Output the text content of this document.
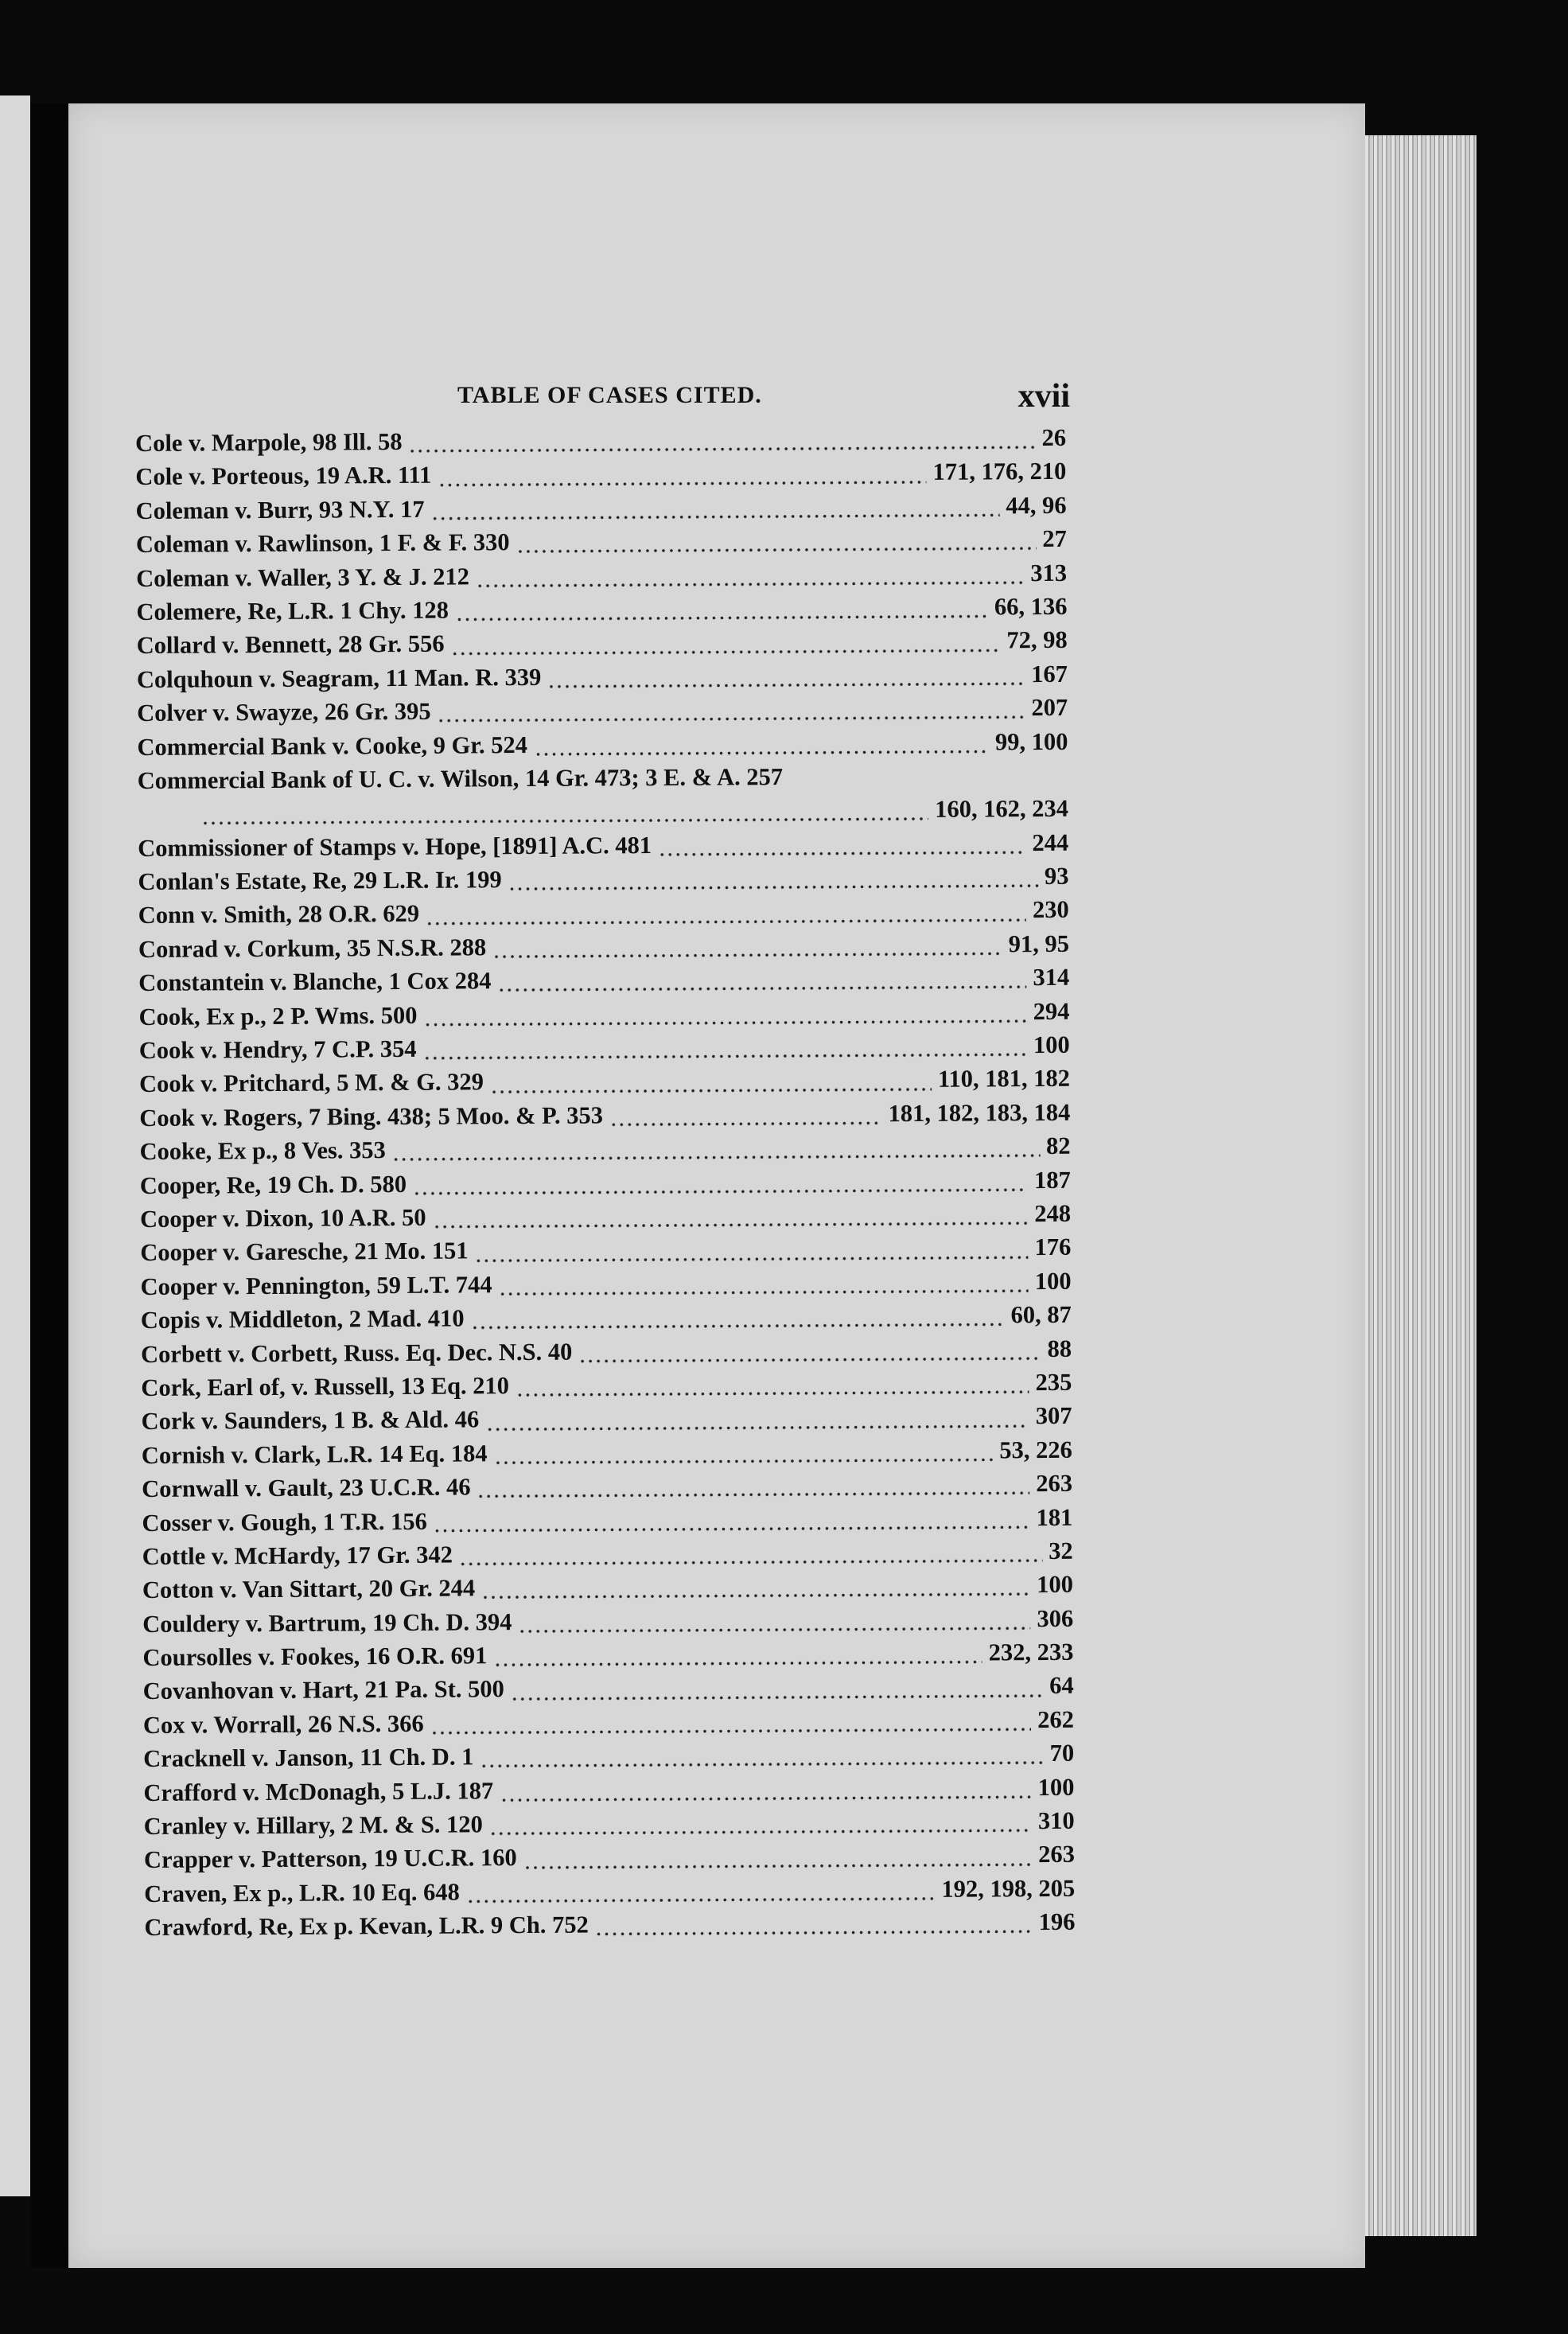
TABLE OF CASES CITED.	xvii
Cole v. Marpole, 98 Ill. 58	26
Cole v. Porteous, 19 A.R. 111	171, 176, 210
Coleman v. Burr, 93 N.Y. 17	44, 96
Coleman v. Rawlinson, 1 F. & F. 330	27
Coleman v. Waller, 3 Y. & J. 212	313
Colemere, Re, L.R. 1 Chy. 128	66, 136
Collard v. Bennett, 28 Gr. 556	72, 98
Colquhoun v. Seagram, 11 Man. R. 339	167
Colver v. Swayze, 26 Gr. 395	207
Commercial Bank v. Cooke, 9 Gr. 524	99, 100
Commercial Bank of U. C. v. Wilson, 14 Gr. 473; 3 E. & A. 257
160, 162, 234
Commissioner of Stamps v. Hope, [1891] A.C. 481	244
Conlan's Estate, Re, 29 L.R. Ir. 199	93
Conn v. Smith, 28 O.R. 629	230
Conrad v. Corkum, 35 N.S.R. 288	91, 95
Constantein v. Blanche, 1 Cox 284	314
Cook, Ex p., 2 P. Wms. 500	294
Cook v. Hendry, 7 C.P. 354	100
Cook v. Pritchard, 5 M. & G. 329	110, 181, 182
Cook v. Rogers, 7 Bing. 438; 5 Moo. & P. 353	181, 182, 183, 184
Cooke, Ex p., 8 Ves. 353	82
Cooper, Re, 19 Ch. D. 580	187
Cooper v. Dixon, 10 A.R. 50	248
Cooper v. Garesche, 21 Mo. 151	176
Cooper v. Pennington, 59 L.T. 744	100
Copis v. Middleton, 2 Mad. 410	60, 87
Corbett v. Corbett, Russ. Eq. Dec. N.S. 40	88
Cork, Earl of, v. Russell, 13 Eq. 210	235
Cork v. Saunders, 1 B. & Ald. 46	307
Cornish v. Clark, L.R. 14 Eq. 184	53, 226
Cornwall v. Gault, 23 U.C.R. 46	263
Cosser v. Gough, 1 T.R. 156	181
Cottle v. McHardy, 17 Gr. 342	32
Cotton v. Van Sittart, 20 Gr. 244	100
Couldery v. Bartrum, 19 Ch. D. 394	306
Coursolles v. Fookes, 16 O.R. 691	232, 233
Covanhovan v. Hart, 21 Pa. St. 500	64
Cox v. Worrall, 26 N.S. 366	262
Cracknell v. Janson, 11 Ch. D. 1	70
Crafford v. McDonagh, 5 L.J. 187	100
Cranley v. Hillary, 2 M. & S. 120	310
Crapper v. Patterson, 19 U.C.R. 160	263
Craven, Ex p., L.R. 10 Eq. 648	192, 198, 205
Crawford, Re, Ex p. Kevan, L.R. 9 Ch. 752	196
